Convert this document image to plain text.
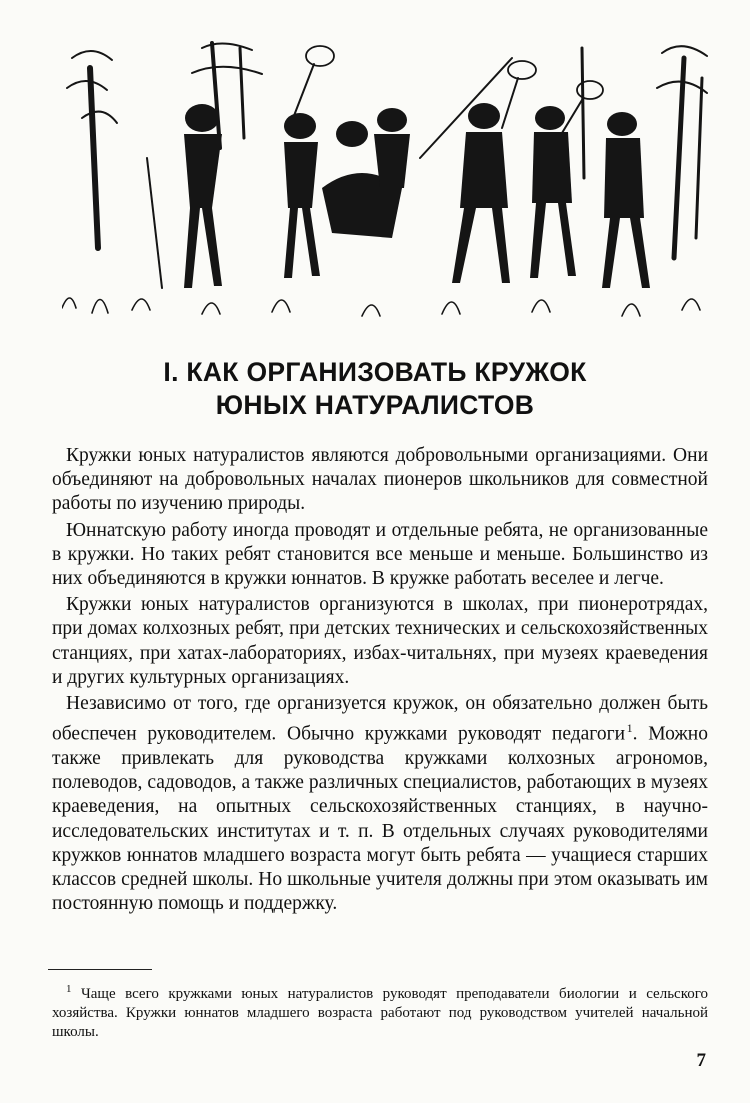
I. КАК ОРГАНИЗОВАТЬ КРУЖОК
ЮНЫХ НАТУРАЛИСТОВ

Кружки юных натуралистов являются добровольными организациями. Они объединяют на добровольных началах пионеров школьников для совместной работы по изучению природы.

Юннатскую работу иногда проводят и отдельные ребята, не организованные в кружки. Но таких ребят становится все меньше и меньше. Большинство из них объединяются в кружки юннатов. В кружке работать веселее и легче.

Кружки юных натуралистов организуются в школах, при пионеротрядах, при домах колхозных ребят, при детских технических и сельскохозяйственных станциях, при хатах-лабораториях, избах-читальнях, при музеях краеведения и других культурных организациях.

Независимо от того, где организуется кружок, он обязательно должен быть обеспечен руководителем. Обычно кружками руководят педагоги  $^1$. Можно также привлекать для руководства кружками колхозных агрономов, полеводов, садоводов, а также различных специалистов, работающих в музеях краеведения, на опытных сельскохозяйственных станциях, в научно-исследовательских институтах и т. п. В отдельных случаях руководителями кружков юннатов младшего возраста могут быть ребята — учащиеся старших классов средней школы. Но школьные учителя должны при этом оказывать им постоянную помощь и поддержку.

$^1$ Чаще всего кружками юных натуралистов руководят преподаватели биологии и сельского хозяйства. Кружки юннатов младшего возраста работают под руководством учителей начальной школы.
7
